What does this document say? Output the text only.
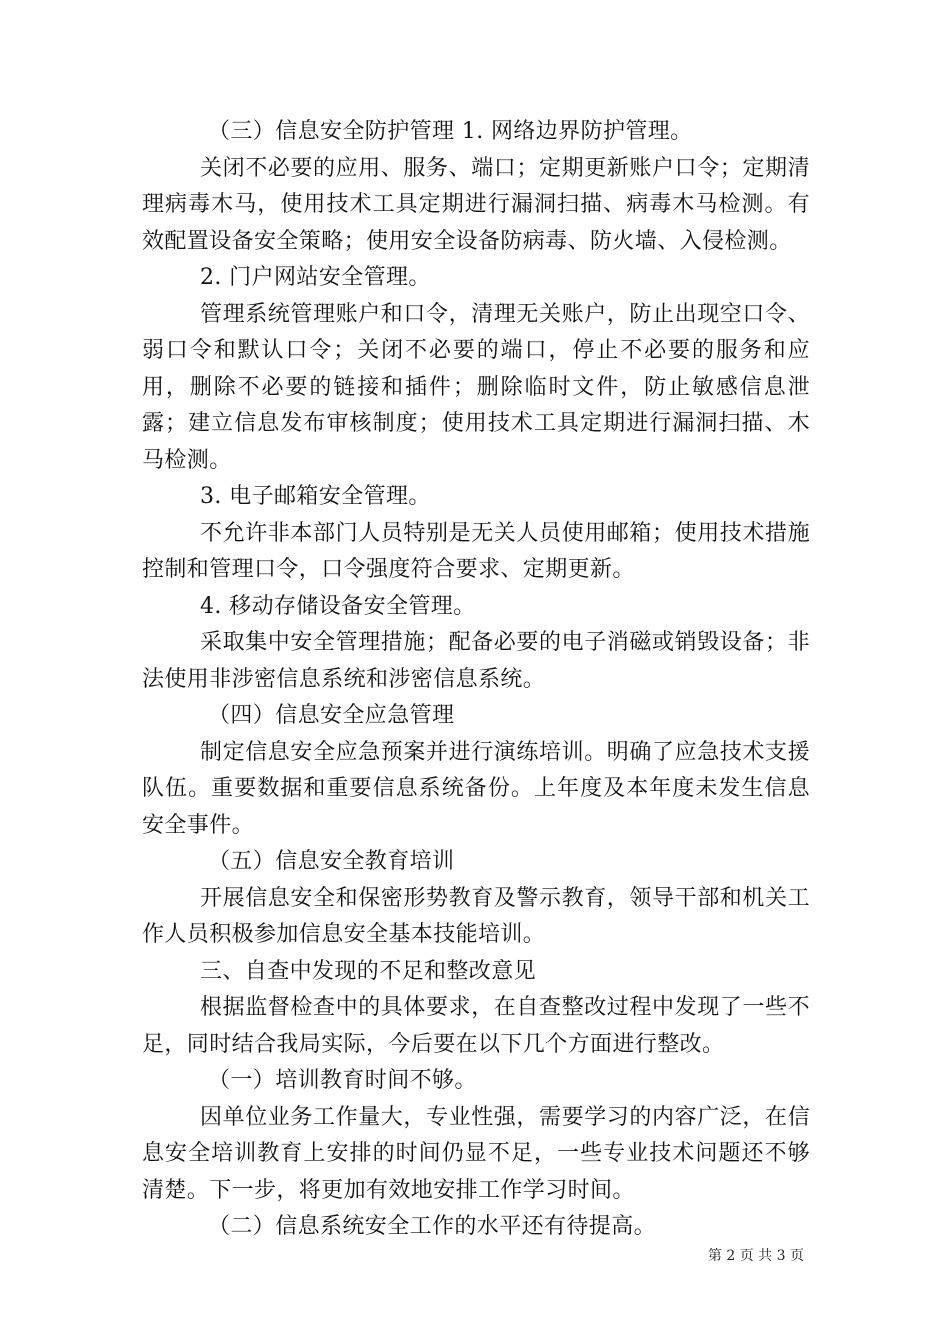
（三）信息安全防护管理 1. 网络边界防护管理。

关闭不必要的应用、服务、端口；定期更新账户口令；定期清理病毒木马，使用技术工具定期进行漏洞扫描、病毒木马检测。有效配置设备安全策略；使用安全设备防病毒、防火墙、入侵检测。

2. 门户网站安全管理。

管理系统管理账户和口令，清理无关账户，防止出现空口令、弱口令和默认口令；关闭不必要的端口，停止不必要的服务和应用，删除不必要的链接和插件；删除临时文件，防止敏感信息泄露；建立信息发布审核制度；使用技术工具定期进行漏洞扫描、木马检测。

3. 电子邮箱安全管理。

不允许非本部门人员特别是无关人员使用邮箱；使用技术措施控制和管理口令，口令强度符合要求、定期更新。

4. 移动存储设备安全管理。

采取集中安全管理措施；配备必要的电子消磁或销毁设备；非法使用非涉密信息系统和涉密信息系统。

（四）信息安全应急管理

制定信息安全应急预案并进行演练培训。明确了应急技术支援队伍。重要数据和重要信息系统备份。上年度及本年度未发生信息安全事件。

（五）信息安全教育培训

开展信息安全和保密形势教育及警示教育，领导干部和机关工作人员积极参加信息安全基本技能培训。

三、自查中发现的不足和整改意见

根据监督检查中的具体要求，在自查整改过程中发现了一些不足，同时结合我局实际，今后要在以下几个方面进行整改。

（一）培训教育时间不够。

因单位业务工作量大，专业性强，需要学习的内容广泛，在信息安全培训教育上安排的时间仍显不足，一些专业技术问题还不够清楚。下一步，将更加有效地安排工作学习时间。

（二）信息系统安全工作的水平还有待提高。

第 2 页 共 3 页
